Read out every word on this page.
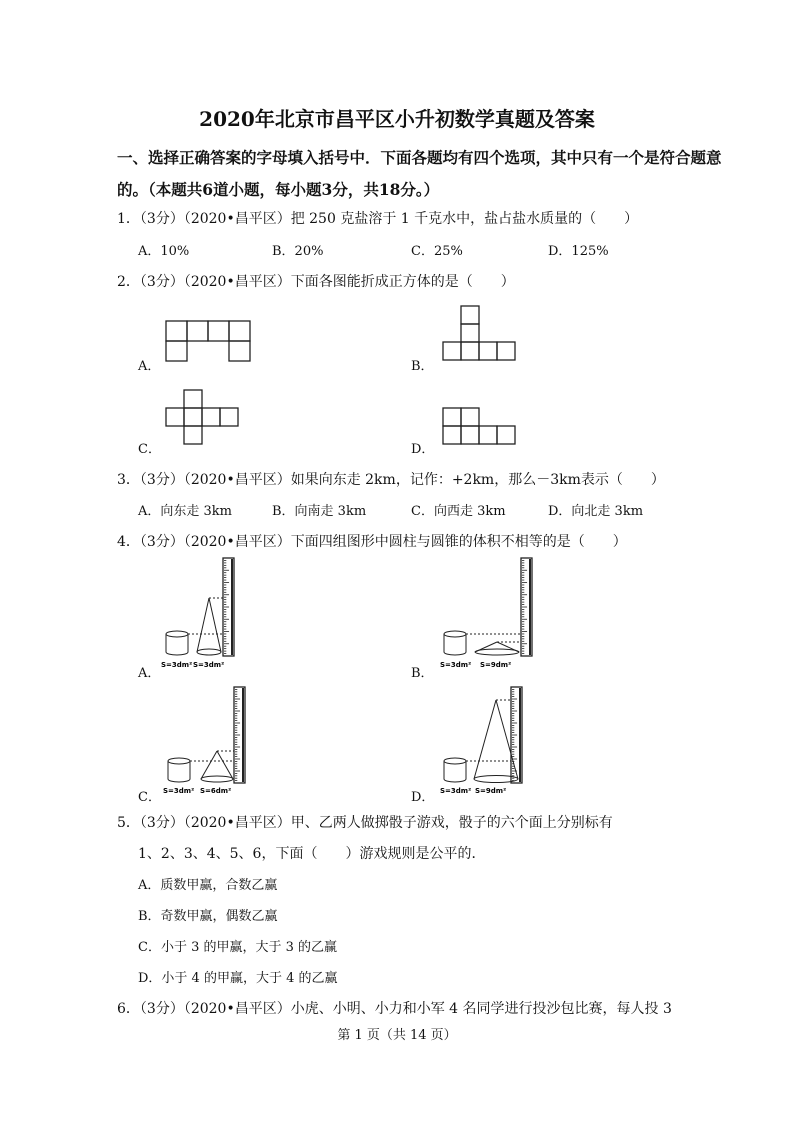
2020年北京市昌平区小升初数学真题及答案
一、选择正确答案的字母填入括号中．下面各题均有四个选项，其中只有一个是符合题意
的。（本题共6道小题，每小题3分，共18分。）
1．（3分）（2020•昌平区）把 250 克盐溶于 1 千克水中，盐占盐水质量的（　　）
A．10%	B．20%	C．25%	D．125%
2．（3分）（2020•昌平区）下面各图能折成正方体的是（　　）
A．	B．
C．	D．
3．（3分）（2020•昌平区）如果向东走 2km，记作：+2km，那么－3km表示（　　）
A．向东走 3km	B．向南走 3km	C．向西走 3km	D．向北走 3km
4．（3分）（2020•昌平区）下面四组图形中圆柱与圆锥的体积不相等的是（　　）
A．
S=3dm² S=3dm²
B．
S=3dm² S=9dm²
C． S=3dm² S=6dm²	D． S=3dm² S=9dm²
5．（3分）（2020•昌平区）甲、乙两人做掷骰子游戏，骰子的六个面上分别标有
1、2、3、4、5、6，下面（　　）游戏规则是公平的．
A．质数甲赢，合数乙赢
B．奇数甲赢，偶数乙赢
C．小于 3 的甲赢，大于 3 的乙赢
D．小于 4 的甲赢，大于 4 的乙赢
6．（3分）（2020•昌平区）小虎、小明、小力和小军 4 名同学进行投沙包比赛，每人投 3
第 1 页（共 14 页）
